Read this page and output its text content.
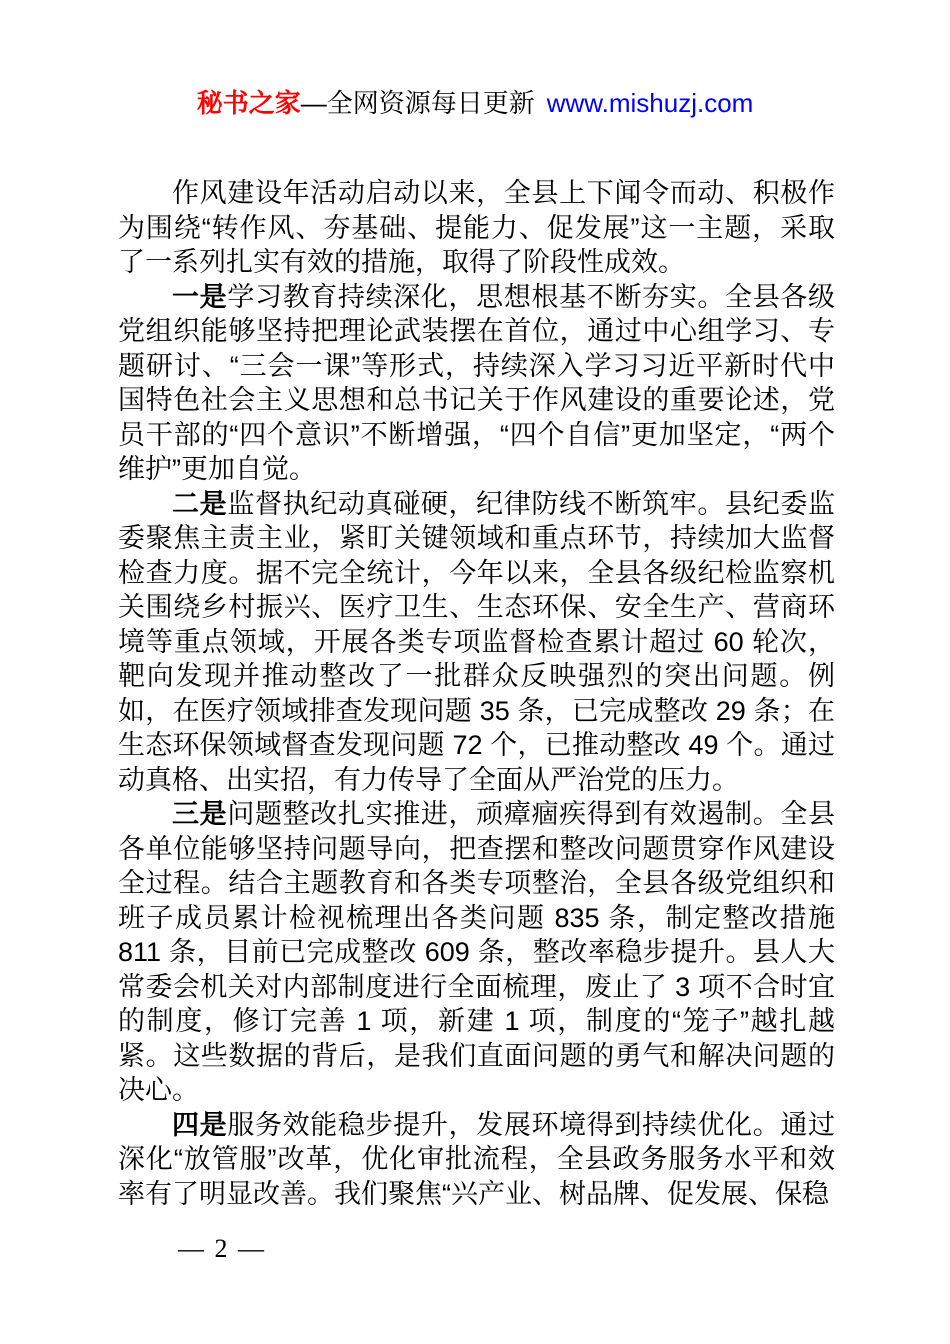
秘书之家—全网资源每日更新 www.mishuzj.com

作风建设年活动启动以来，全县上下闻令而动、积极作为围绕“转作风、夯基础、提能力、促发展”这一主题，采取了一系列扎实有效的措施，取得了阶段性成效。

一是学习教育持续深化，思想根基不断夯实。全县各级党组织能够坚持把理论武装摆在首位，通过中心组学习、专题研讨、“三会一课”等形式，持续深入学习习近平新时代中国特色社会主义思想和总书记关于作风建设的重要论述，党员干部的“四个意识”不断增强，“四个自信”更加坚定，“两个维护”更加自觉。

二是监督执纪动真碰硬，纪律防线不断筑牢。县纪委监委聚焦主责主业，紧盯关键领域和重点环节，持续加大监督检查力度。据不完全统计，今年以来，全县各级纪检监察机关围绕乡村振兴、医疗卫生、生态环保、安全生产、营商环境等重点领域，开展各类专项监督检查累计超过 60 轮次，靶向发现并推动整改了一批群众反映强烈的突出问题。例如，在医疗领域排查发现问题 35 条，已完成整改 29 条；在生态环保领域督查发现问题 72 个，已推动整改 49 个。通过动真格、出实招，有力传导了全面从严治党的压力。

三是问题整改扎实推进，顽瘴痼疾得到有效遏制。全县各单位能够坚持问题导向，把查摆和整改问题贯穿作风建设全过程。结合主题教育和各类专项整治，全县各级党组织和班子成员累计检视梳理出各类问题 835 条，制定整改措施 811 条，目前已完成整改 609 条，整改率稳步提升。县人大常委会机关对内部制度进行全面梳理，废止了 3 项不合时宜的制度，修订完善 1 项，新建 1 项，制度的“笼子”越扎越紧。这些数据的背后，是我们直面问题的勇气和解决问题的决心。

四是服务效能稳步提升，发展环境得到持续优化。通过深化“放管服”改革，优化审批流程，全县政务服务水平和效率有了明显改善。我们聚焦“兴产业、树品牌、促发展、保稳

— 2 —
